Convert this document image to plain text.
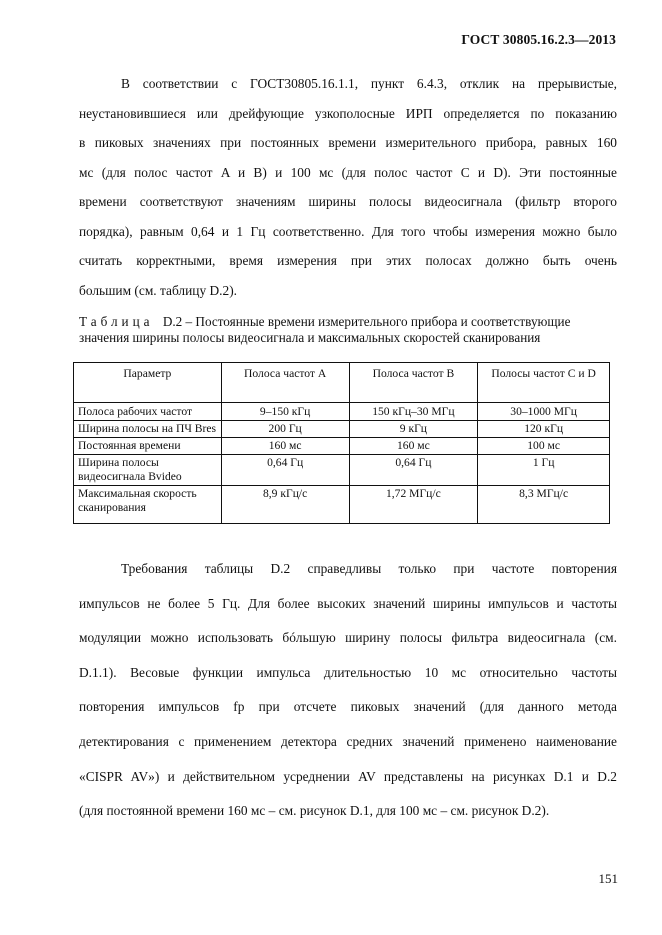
ГОСТ 30805.16.2.3—2013
В соответствии с ГОСТ30805.16.1.1, пункт 6.4.3, отклик на прерывистые,
неустановившиеся или дрейфующие узкополосные ИРП определяется по показанию
в пиковых значениях при постоянных времени измерительного прибора, равных 160
мс (для полос частот A и B) и 100 мс (для полос частот C и D). Эти постоянные
времени соответствуют значениям ширины полосы видеосигнала (фильтр второго
порядка), равным 0,64 и 1 Гц соответственно. Для того чтобы измерения можно было
считать корректными, время измерения при этих полосах должно быть очень
большим (см. таблицу D.2).
Таблица D.2 – Постоянные времени измерительного прибора и соответствующие
значения ширины полосы видеосигнала и максимальных скоростей сканирования
Параметр	Полоса частот A	Полоса частот B	Полосы частот C и D
Полоса рабочих частот	9–150 кГц	150 кГц–30 МГц	30–1000 МГц
Ширина полосы на ПЧ Bres	200 Гц	9 кГц	120 кГц
Постоянная времени	160 мс	160 мс	100 мс
Ширина полосы видеосигнала Bvideo	0,64 Гц	0,64 Гц	1 Гц
Максимальная скорость сканирования	8,9 кГц/с	1,72 МГц/с	8,3 МГц/с
Требования таблицы D.2 справедливы только при частоте повторения
импульсов не более 5 Гц. Для более высоких значений ширины импульсов и частоты
модуляции можно использовать бóльшую ширину полосы фильтра видеосигнала (см.
D.1.1). Весовые функции импульса длительностью 10 мс относительно частоты
повторения импульсов fp при отсчете пиковых значений (для данного метода
детектирования с применением детектора средних значений применено наименование
«CISPR AV») и действительном усреднении AV представлены на рисунках D.1 и D.2
(для постоянной времени 160 мс – см. рисунок D.1, для 100 мс – см. рисунок D.2).
151
